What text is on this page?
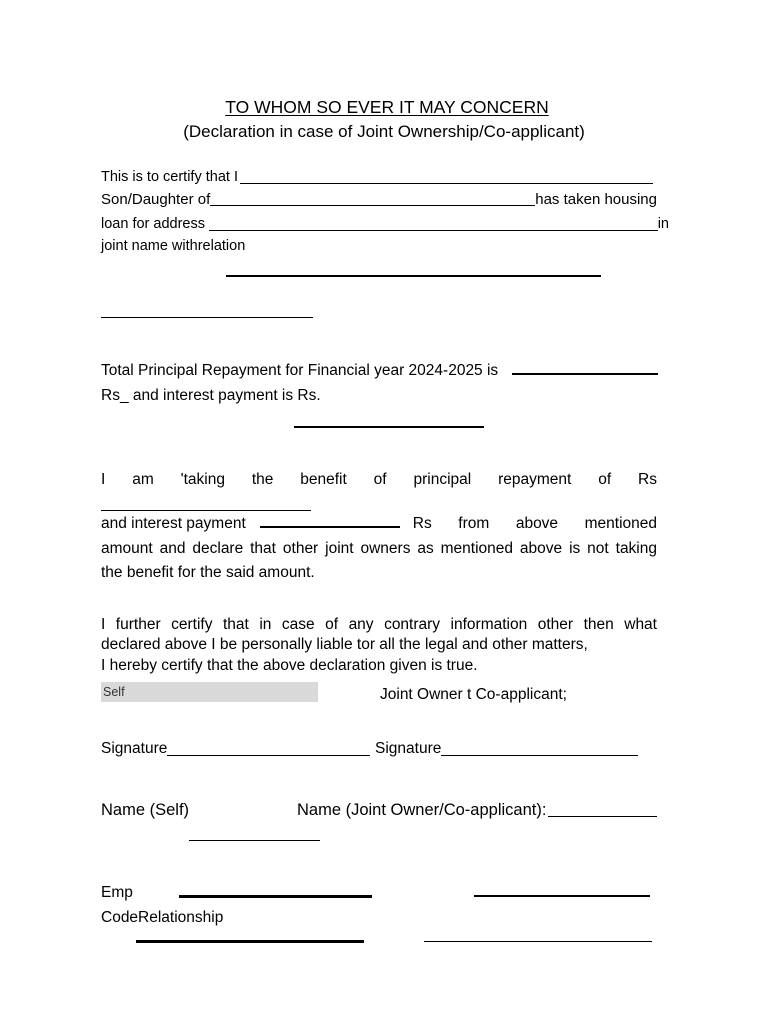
TO WHOM SO EVER IT MAY CONCERN
(Declaration in case of Joint Ownership/Co-applicant)
This is to certify that I
Son/Daughter of	has taken housing
loan for address	in
joint name withrelation
Total Principal Repayment for Financial year 2024-2025 is
Rs_ and interest payment is Rs.
I am 'taking the benefit of principal repayment of Rs
and interest payment	Rs from above mentioned
amount and declare that other joint owners as mentioned above is not taking
the benefit for the said amount.
I further certify that in case of any contrary information other then what
declared above I be personally liable tor all the legal and other matters,
I hereby certify that the above declaration given is true.
Self	Joint Owner t Co-applicant;
Signature	Signature
Name (Self)	Name (Joint Owner/Co-applicant):
Emp
CodeRelationship
